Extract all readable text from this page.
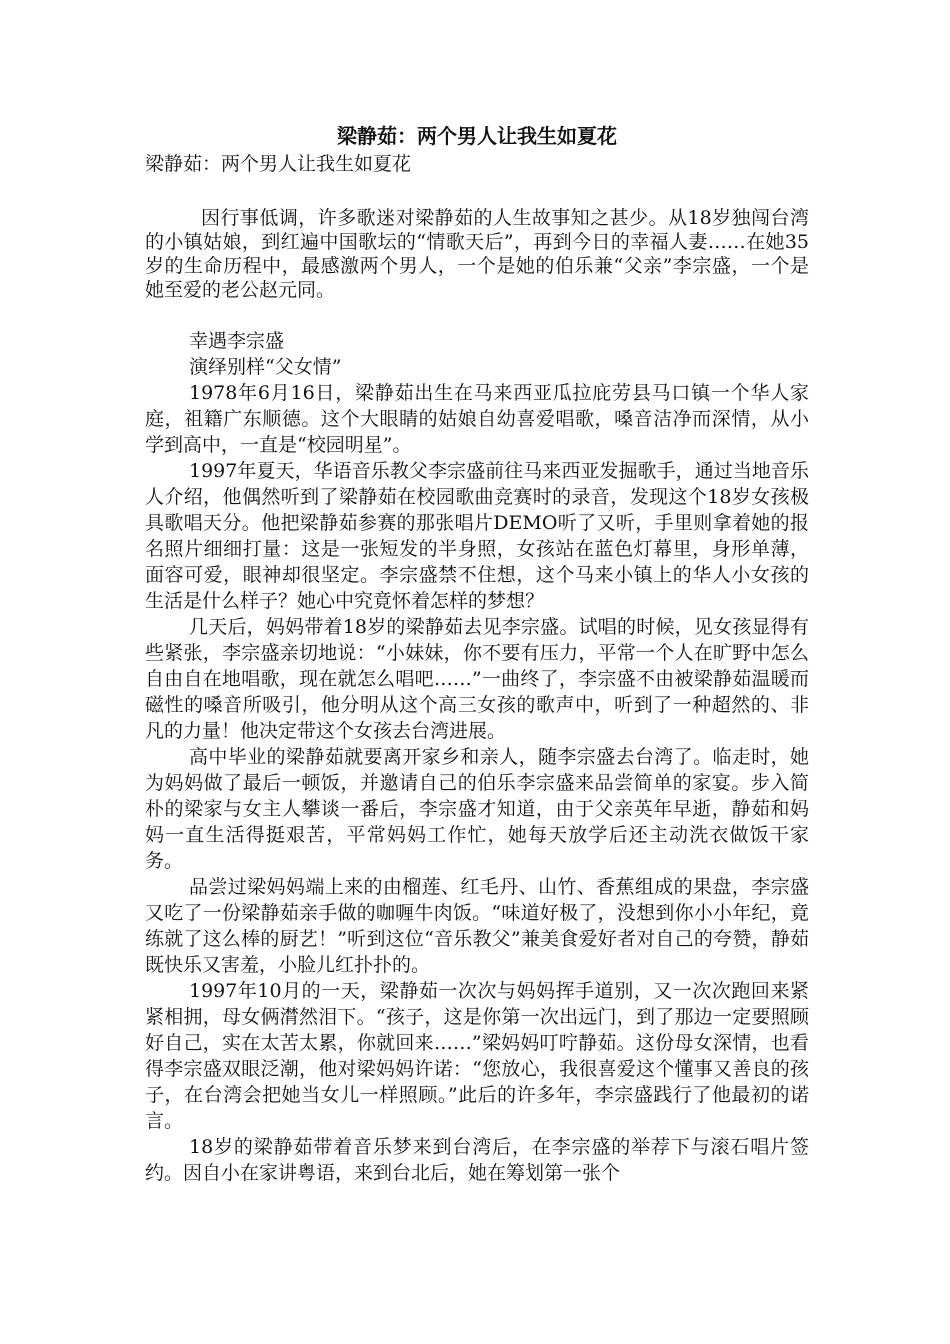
梁静茹：两个男人让我生如夏花

梁静茹：两个男人让我生如夏花

因行事低调，许多歌迷对梁静茹的人生故事知之甚少。从18岁独闯台湾的小镇姑娘，到红遍中国歌坛的“情歌天后”，再到今日的幸福人妻……在她35岁的生命历程中，最感激两个男人，一个是她的伯乐兼“父亲”李宗盛，一个是她至爱的老公赵元同。

幸遇李宗盛

演绎别样“父女情”

1978年6月16日，梁静茹出生在马来西亚瓜拉庇劳县马口镇一个华人家庭，祖籍广东顺德。这个大眼睛的姑娘自幼喜爱唱歌，嗓音洁净而深情，从小学到高中，一直是“校园明星”。

1997年夏天，华语音乐教父李宗盛前往马来西亚发掘歌手，通过当地音乐人介绍，他偶然听到了梁静茹在校园歌曲竞赛时的录音，发现这个18岁女孩极具歌唱天分。他把梁静茹参赛的那张唱片DEMO听了又听，手里则拿着她的报名照片细细打量：这是一张短发的半身照，女孩站在蓝色灯幕里，身形单薄，面容可爱，眼神却很坚定。李宗盛禁不住想，这个马来小镇上的华人小女孩的生活是什么样子？她心中究竟怀着怎样的梦想？

几天后，妈妈带着18岁的梁静茹去见李宗盛。试唱的时候，见女孩显得有些紧张，李宗盛亲切地说：“小妹妹，你不要有压力，平常一个人在旷野中怎么自由自在地唱歌，现在就怎么唱吧……”一曲终了，李宗盛不由被梁静茹温暖而磁性的嗓音所吸引，他分明从这个高三女孩的歌声中，听到了一种超然的、非凡的力量！他决定带这个女孩去台湾进展。

高中毕业的梁静茹就要离开家乡和亲人，随李宗盛去台湾了。临走时，她为妈妈做了最后一顿饭，并邀请自己的伯乐李宗盛来品尝简单的家宴。步入简朴的梁家与女主人攀谈一番后，李宗盛才知道，由于父亲英年早逝，静茹和妈妈一直生活得挺艰苦，平常妈妈工作忙，她每天放学后还主动洗衣做饭干家务。

品尝过梁妈妈端上来的由榴莲、红毛丹、山竹、香蕉组成的果盘，李宗盛又吃了一份梁静茹亲手做的咖喱牛肉饭。“味道好极了，没想到你小小年纪，竟练就了这么棒的厨艺！”听到这位“音乐教父”兼美食爱好者对自己的夸赞，静茹既快乐又害羞，小脸儿红扑扑的。

1997年10月的一天，梁静茹一次次与妈妈挥手道别，又一次次跑回来紧紧相拥，母女俩潸然泪下。“孩子，这是你第一次出远门，到了那边一定要照顾好自己，实在太苦太累，你就回来……”梁妈妈叮咛静茹。这份母女深情，也看得李宗盛双眼泛潮，他对梁妈妈许诺：“您放心，我很喜爱这个懂事又善良的孩子，在台湾会把她当女儿一样照顾。”此后的许多年，李宗盛践行了他最初的诺言。

18岁的梁静茹带着音乐梦来到台湾后，在李宗盛的举荐下与滚石唱片签约。因自小在家讲粤语，来到台北后，她在筹划第一张个
